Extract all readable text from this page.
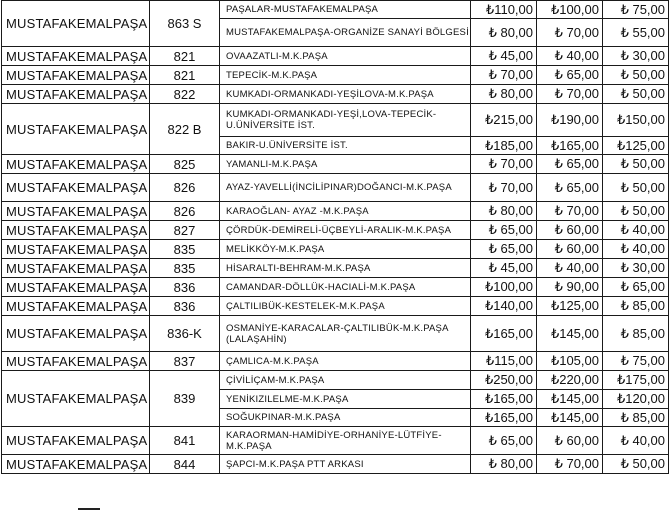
MUSTAFAKEMALPAŞA	863 S	PAŞALAR-MUSTAFAKEMALPAŞA	₺110,00	₺100,00	₺ 75,00
		MUSTAFAKEMALPAŞA-ORGANİZE SANAYİ BÖLGESİ	₺ 80,00	₺ 70,00	₺ 55,00
MUSTAFAKEMALPAŞA	821	OVAAZATLI-M.K.PAŞA	₺ 45,00	₺ 40,00	₺ 30,00
MUSTAFAKEMALPAŞA	821	TEPECİK-M.K.PAŞA	₺ 70,00	₺ 65,00	₺ 50,00
MUSTAFAKEMALPAŞA	822	KUMKADI-ORMANKADI-YEŞİLOVA-M.K.PAŞA	₺ 80,00	₺ 70,00	₺ 50,00
MUSTAFAKEMALPAŞA	822 B	KUMKADI-ORMANKADI-YEŞİ,LOVA-TEPECİK-U.ÜNİVERSİTE İST.	₺215,00	₺190,00	₺150,00
		BAKIR-U.ÜNİVERSİTE İST.	₺185,00	₺165,00	₺125,00
MUSTAFAKEMALPAŞA	825	YAMANLI-M.K.PAŞA	₺ 70,00	₺ 65,00	₺ 50,00
MUSTAFAKEMALPAŞA	826	AYAZ-YAVELLİ(İNCİLİPINAR)DOĞANCI-M.K.PAŞA	₺ 70,00	₺ 65,00	₺ 50,00
MUSTAFAKEMALPAŞA	826	KARAOĞLAN- AYAZ -M.K.PAŞA	₺ 80,00	₺ 70,00	₺ 50,00
MUSTAFAKEMALPAŞA	827	ÇÖRDÜK-DEMİRELİ-ÜÇBEYLİ-ARALIK-M.K.PAŞA	₺ 65,00	₺ 60,00	₺ 40,00
MUSTAFAKEMALPAŞA	835	MELİKKÖY-M.K.PAŞA	₺ 65,00	₺ 60,00	₺ 40,00
MUSTAFAKEMALPAŞA	835	HİSARALTI-BEHRAM-M.K.PAŞA	₺ 45,00	₺ 40,00	₺ 30,00
MUSTAFAKEMALPAŞA	836	CAMANDAR-DÖLLÜK-HACIALİ-M.K.PAŞA	₺100,00	₺ 90,00	₺ 65,00
MUSTAFAKEMALPAŞA	836	ÇALTILIBÜK-KESTELEK-M.K.PAŞA	₺140,00	₺125,00	₺ 85,00
MUSTAFAKEMALPAŞA	836-K	OSMANİYE-KARACALAR-ÇALTILIBÜK-M.K.PAŞA (LALAŞAHİN)	₺165,00	₺145,00	₺ 85,00
MUSTAFAKEMALPAŞA	837	ÇAMLICA-M.K.PAŞA	₺115,00	₺105,00	₺ 75,00
MUSTAFAKEMALPAŞA	839	ÇİVİLİÇAM-M.K.PAŞA	₺250,00	₺220,00	₺175,00
		YENİKIZILELME-M.K.PAŞA	₺165,00	₺145,00	₺120,00
		SOĞUKPINAR-M.K.PAŞA	₺165,00	₺145,00	₺ 85,00
MUSTAFAKEMALPAŞA	841	KARAORMAN-HAMİDİYE-ORHANİYE-LÜTFİYE-M.K.PAŞA	₺ 65,00	₺ 60,00	₺ 40,00
MUSTAFAKEMALPAŞA	844	ŞAPCI-M.K.PAŞA PTT ARKASI	₺ 80,00	₺ 70,00	₺ 50,00
